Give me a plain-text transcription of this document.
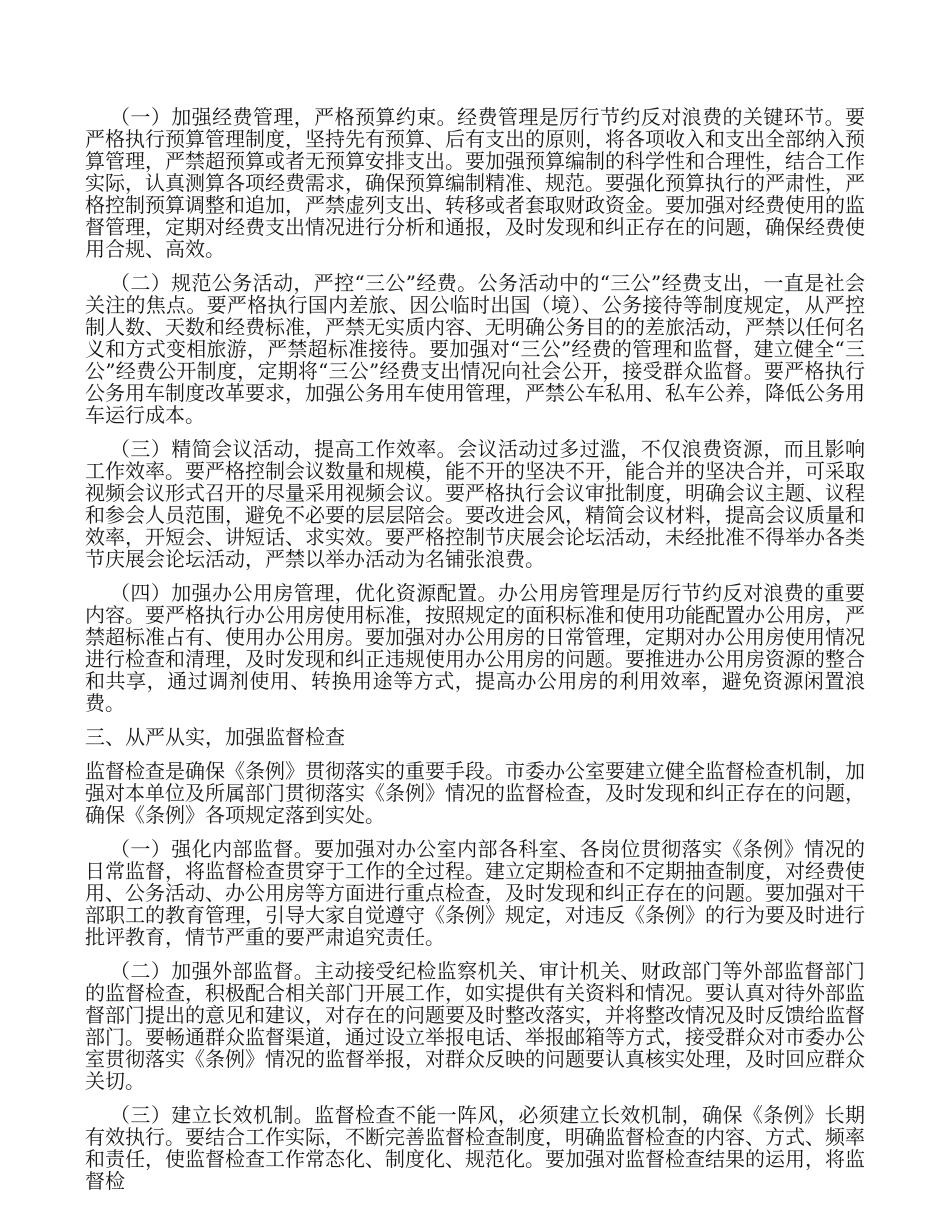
（一）加强经费管理，严格预算约束。经费管理是厉行节约反对浪费的关键环节。要严格执行预算管理制度，坚持先有预算、后有支出的原则，将各项收入和支出全部纳入预算管理，严禁超预算或者无预算安排支出。要加强预算编制的科学性和合理性，结合工作实际，认真测算各项经费需求，确保预算编制精准、规范。要强化预算执行的严肃性，严格控制预算调整和追加，严禁虚列支出、转移或者套取财政资金。要加强对经费使用的监督管理，定期对经费支出情况进行分析和通报，及时发现和纠正存在的问题，确保经费使用合规、高效。

（二）规范公务活动，严控“三公”经费。公务活动中的“三公”经费支出，一直是社会关注的焦点。要严格执行国内差旅、因公临时出国（境）、公务接待等制度规定，从严控制人数、天数和经费标准，严禁无实质内容、无明确公务目的的差旅活动，严禁以任何名义和方式变相旅游，严禁超标准接待。要加强对“三公”经费的管理和监督，建立健全“三公”经费公开制度，定期将“三公”经费支出情况向社会公开，接受群众监督。要严格执行公务用车制度改革要求，加强公务用车使用管理，严禁公车私用、私车公养，降低公务用车运行成本。

（三）精简会议活动，提高工作效率。会议活动过多过滥，不仅浪费资源，而且影响工作效率。要严格控制会议数量和规模，能不开的坚决不开，能合并的坚决合并，可采取视频会议形式召开的尽量采用视频会议。要严格执行会议审批制度，明确会议主题、议程和参会人员范围，避免不必要的层层陪会。要改进会风，精简会议材料，提高会议质量和效率，开短会、讲短话、求实效。要严格控制节庆展会论坛活动，未经批准不得举办各类节庆展会论坛活动，严禁以举办活动为名铺张浪费。

（四）加强办公用房管理，优化资源配置。办公用房管理是厉行节约反对浪费的重要内容。要严格执行办公用房使用标准，按照规定的面积标准和使用功能配置办公用房，严禁超标准占有、使用办公用房。要加强对办公用房的日常管理，定期对办公用房使用情况进行检查和清理，及时发现和纠正违规使用办公用房的问题。要推进办公用房资源的整合和共享，通过调剂使用、转换用途等方式，提高办公用房的利用效率，避免资源闲置浪费。

三、从严从实，加强监督检查

监督检查是确保《条例》贯彻落实的重要手段。市委办公室要建立健全监督检查机制，加强对本单位及所属部门贯彻落实《条例》情况的监督检查，及时发现和纠正存在的问题，确保《条例》各项规定落到实处。

（一）强化内部监督。要加强对办公室内部各科室、各岗位贯彻落实《条例》情况的日常监督，将监督检查贯穿于工作的全过程。建立定期检查和不定期抽查制度，对经费使用、公务活动、办公用房等方面进行重点检查，及时发现和纠正存在的问题。要加强对干部职工的教育管理，引导大家自觉遵守《条例》规定，对违反《条例》的行为要及时进行批评教育，情节严重的要严肃追究责任。

（二）加强外部监督。主动接受纪检监察机关、审计机关、财政部门等外部监督部门的监督检查，积极配合相关部门开展工作，如实提供有关资料和情况。要认真对待外部监督部门提出的意见和建议，对存在的问题要及时整改落实，并将整改情况及时反馈给监督部门。要畅通群众监督渠道，通过设立举报电话、举报邮箱等方式，接受群众对市委办公室贯彻落实《条例》情况的监督举报，对群众反映的问题要认真核实处理，及时回应群众关切。

（三）建立长效机制。监督检查不能一阵风，必须建立长效机制，确保《条例》长期有效执行。要结合工作实际，不断完善监督检查制度，明确监督检查的内容、方式、频率和责任，使监督检查工作常态化、制度化、规范化。要加强对监督检查结果的运用，将监督检
